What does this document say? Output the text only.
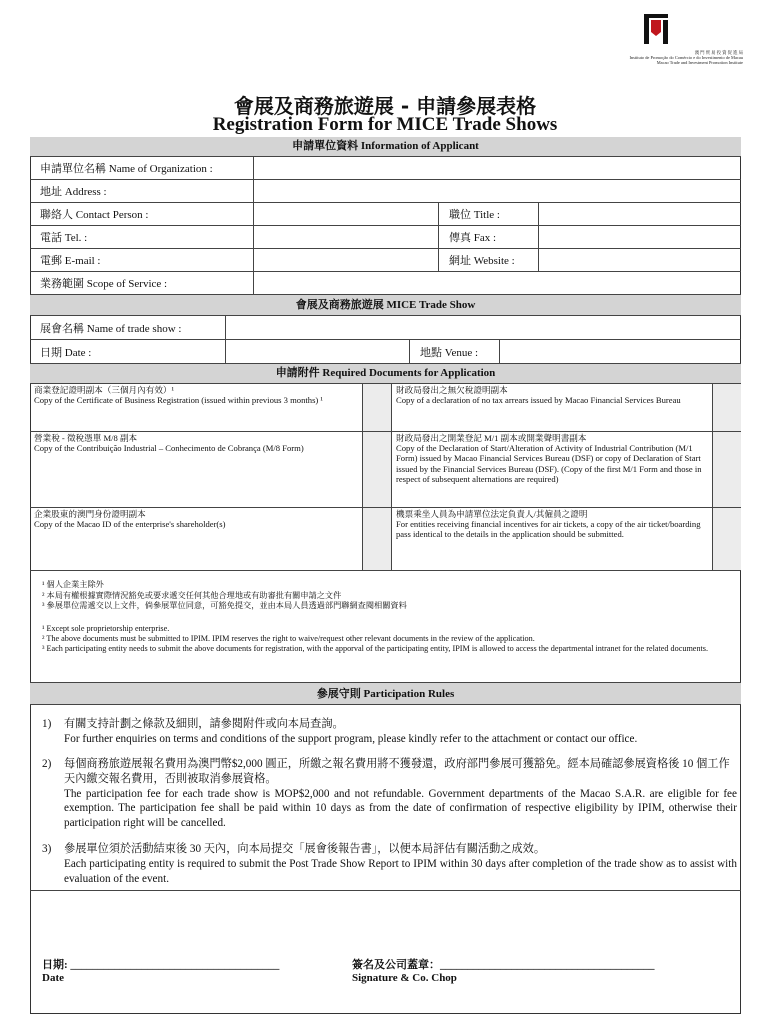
澳 門 貿 易 投 資 促 進 局
Instituto de Promoção do Comércio e do Investimento de Macau
Macao Trade and Investment Promotion Institute
會展及商務旅遊展 - 申請參展表格
Registration Form for MICE Trade Shows
申請單位資料 Information of Applicant
申請單位名稱 Name of Organization :
地址 Address :
聯絡人 Contact Person :	職位 Title :
電話 Tel. :	傳真 Fax :
電郵 E-mail :	網址 Website :
業務範圍 Scope of Service :
會展及商務旅遊展 MICE Trade Show
展會名稱 Name of trade show :
日期 Date :	地點 Venue :
申請附件 Required Documents for Application
商業登記證明副本（三個月內有效）¹
Copy of the Certificate of Business Registration (issued within previous 3 months) ¹
財政局發出之無欠稅證明副本
Copy of a declaration of no tax arrears issued by Macao Financial Services Bureau
營業稅 - 徵稅憑單 M/8 副本
Copy of the Contribuição Industrial – Conhecimento de Cobrança (M/8 Form)
財政局發出之開業登記 M/1 副本或開業聲明書副本
Copy of the Declaration of Start/Alteration of Activity of Industrial Contribution (M/1 Form) issued by Macao Financial Services Bureau (DSF) or copy of Declaration of Start issued by the Financial Services Bureau (DSF). (Copy of the first M/1 Form and those in respect of subsequent alternations are required)
企業股東的澳門身份證明副本
Copy of the Macao ID of the enterprise's shareholder(s)
機票乘坐人員為申請單位法定負責人/其僱員之證明
For entities receiving financial incentives for air tickets, a copy of the air ticket/boarding pass identical to the details in the application should be submitted.
¹ 個人企業主除外
² 本局有權根據實際情況豁免或要求遞交任何其他合理地或有助審批有關申請之文件
³ 參展單位需遞交以上文件，倘參展單位同意，可豁免提交，並由本局人員透過部門聯網查閱相關資料
¹ Except sole proprietorship enterprise.
² The above documents must be submitted to IPIM. IPIM reserves the right to waive/request other relevant documents in the review of the application.
³ Each participating entity needs to submit the above documents for registration, with the apporval of the participating entity, IPIM is allowed to access the departmental intranet for the related documents.
參展守則 Participation Rules
1) 有關支持計劃之條款及細則，請參閱附件或向本局查詢。
For further enquiries on terms and conditions of the support program, please kindly refer to the attachment or contact our office.
2) 每個商務旅遊展報名費用為澳門幣$2,000 圓正，所繳之報名費用將不獲發還，政府部門參展可獲豁免。經本局確認參展資格後 10 個工作天內繳交報名費用，否則被取消參展資格。
The participation fee for each trade show is MOP$2,000 and not refundable. Government departments of the Macao S.A.R. are eligible for fee exemption. The participation fee shall be paid within 10 days as from the date of confirmation of respective eligibility by IPIM, otherwise their participation right will be cancelled.
3) 參展單位須於活動結束後 30 天內，向本局提交「展會後報告書」，以便本局評估有關活動之成效。
Each participating entity is required to submit the Post Trade Show Report to IPIM within 30 days after completion of the trade show as to assist with evaluation of the event.
日期: ______________________________________
Date
簽名及公司蓋章：_______________________________________
Signature & Co. Chop
